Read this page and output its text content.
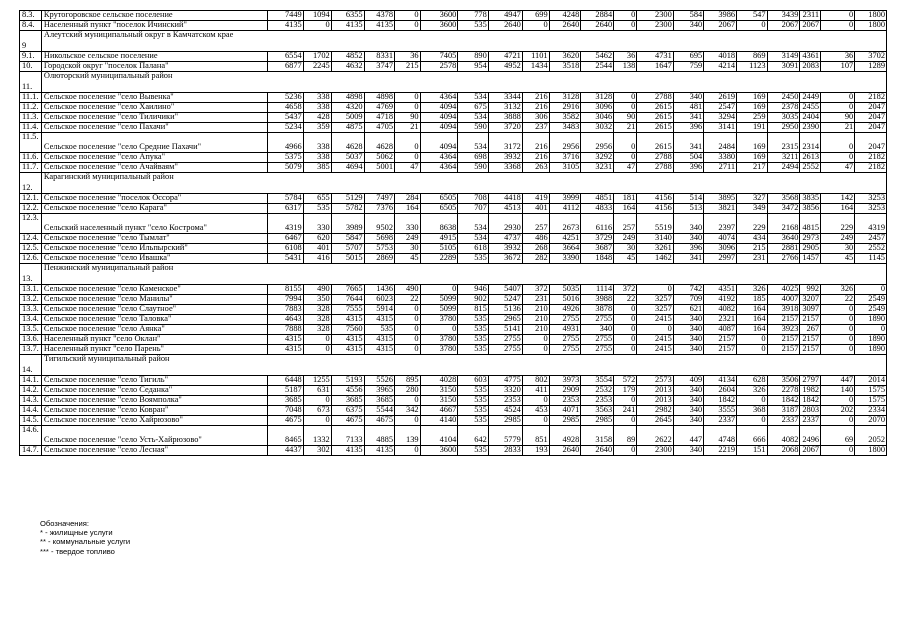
8.3.	Крутогоровское сельское поселение	7449	1094	6355	4378	0	3600	778	4947	699	4248	2884	0	2300	584	3986	547	3439	2311	0	1800
8.4.	Населенный пункт "поселок Ичинский"	4135	0	4135	4135	0	3600	535	2640	0	2640	2640	0	2300	340	2067	0	2067	2067	0	1800
9	Алеутский муниципальный округ в Камчатском крае																				
9.1.	Никольское сельское поселение	6554	1702	4852	8331	36	7405	890	4721	1101	3620	5462	36	4731	695	4018	869	3149	4361	36	3702
10.	Городской округ "поселок Палана"	6877	2245	4632	3747	215	2578	954	4952	1434	3518	2544	138	1647	759	4214	1123	3091	2083	107	1289
11.	Олюторский муниципальный район																				
11.1.	Сельское поселение "село Вывенка"	5236	338	4898	4898	0	4364	534	3344	216	3128	3128	0	2788	340	2619	169	2450	2449	0	2182
11.2.	Сельское поселение "село Хаилино"	4658	338	4320	4769	0	4094	675	3132	216	2916	3096	0	2615	481	2547	169	2378	2455	0	2047
11.3.	Сельское поселение "село Тиличики"	5437	428	5009	4718	90	4094	534	3888	306	3582	3046	90	2615	341	3294	259	3035	2404	90	2047
11.4.	Сельское поселение "село Пахачи"	5234	359	4875	4705	21	4094	590	3720	237	3483	3032	21	2615	396	3141	191	2950	2390	21	2047
11.5.	Сельское поселение "село Средние Пахачи"	4966	338	4628	4628	0	4094	534	3172	216	2956	2956	0	2615	341	2484	169	2315	2314	0	2047
11.6.	Сельское поселение "село Апука"	5375	338	5037	5062	0	4364	698	3932	216	3716	3292	0	2788	504	3380	169	3211	2613	0	2182
11.7.	Сельское поселение "село Ачайваям"	5079	385	4694	5001	47	4364	590	3368	263	3105	3231	47	2788	396	2711	217	2494	2552	47	2182
12.	Карагинский муниципальный район																				
12.1.	Сельское поселение "поселок Оссора"	5784	655	5129	7497	284	6505	708	4418	419	3999	4851	181	4156	514	3895	327	3568	3835	142	3253
12.2.	Сельское поселение "село Карага"	6317	535	5782	7376	164	6505	707	4513	401	4112	4833	164	4156	513	3821	349	3472	3856	164	3253
12.3.	Сельский населенный пункт "село Кострома"	4319	330	3989	9502	330	8638	534	2930	257	2673	6116	257	5519	340	2397	229	2168	4815	229	4319
12.4.	Сельское поселение "село Тымлат"	6467	620	5847	5698	249	4915	534	4737	486	4251	3729	249	3140	340	4074	434	3640	2973	249	2457
12.5.	Сельское поселение "село Ильпырский"	6108	401	5707	5753	30	5105	618	3932	268	3664	3687	30	3261	396	3096	215	2881	2905	30	2552
12.6.	Сельское поселение "село Ивашка"	5431	416	5015	2869	45	2289	535	3672	282	3390	1848	45	1462	341	2997	231	2766	1457	45	1145
13.	Пенжинский муниципальный район																				
13.1.	Сельское поселение "село Каменское"	8155	490	7665	1436	490	0	946	5407	372	5035	1114	372	0	742	4351	326	4025	992	326	0
13.2.	Сельское поселение "село Манилы"	7994	350	7644	6023	22	5099	902	5247	231	5016	3988	22	3257	709	4192	185	4007	3207	22	2549
13.3.	Сельское поселение "село Слаутное"	7883	328	7555	5914	0	5099	815	5136	210	4926	3878	0	3257	621	4082	164	3918	3097	0	2549
13.4.	Сельское поселение "село Таловка"	4643	328	4315	4315	0	3780	535	2965	210	2755	2755	0	2415	340	2321	164	2157	2157	0	1890
13.5.	Сельское поселение "село Аянка"	7888	328	7560	535	0	0	535	5141	210	4931	340	0	0	340	4087	164	3923	267	0	0
13.6.	Населенный пункт "село Оклан"	4315	0	4315	4315	0	3780	535	2755	0	2755	2755	0	2415	340	2157	0	2157	2157	0	1890
13.7.	Населенный пункт "село Парень"	4315	0	4315	4315	0	3780	535	2755	0	2755	2755	0	2415	340	2157	0	2157	2157	0	1890
14.	Тигильский муниципальный район																				
14.1.	Сельское поселение "село Тигиль"	6448	1255	5193	5526	895	4028	603	4775	802	3973	3554	572	2573	409	4134	628	3506	2797	447	2014
14.2.	Сельское поселение "село Седанка"	5187	631	4556	3965	280	3150	535	3320	411	2909	2532	179	2013	340	2604	326	2278	1982	140	1575
14.3.	Сельское поселение "село Воямполка"	3685	0	3685	3685	0	3150	535	2353	0	2353	2353	0	2013	340	1842	0	1842	1842	0	1575
14.4.	Сельское поселение "село Ковран"	7048	673	6375	5544	342	4667	535	4524	453	4071	3563	241	2982	340	3555	368	3187	2803	202	2334
14.5.	Сельское поселение "село Хайрюзово"	4675	0	4675	4675	0	4140	535	2985	0	2985	2985	0	2645	340	2337	0	2337	2337	0	2070
14.6.	Сельское поселение "село Усть-Хайрюзово"	8465	1332	7133	4885	139	4104	642	5779	851	4928	3158	89	2622	447	4748	666	4082	2496	69	2052
14.7.	Сельское поселение "село Лесная"	4437	302	4135	4135	0	3600	535	2833	193	2640	2640	0	2300	340	2219	151	2068	2067	0	1800
Обозначения:
* - жилищные услуги
** - коммунальные услуги
*** - твердое топливо
